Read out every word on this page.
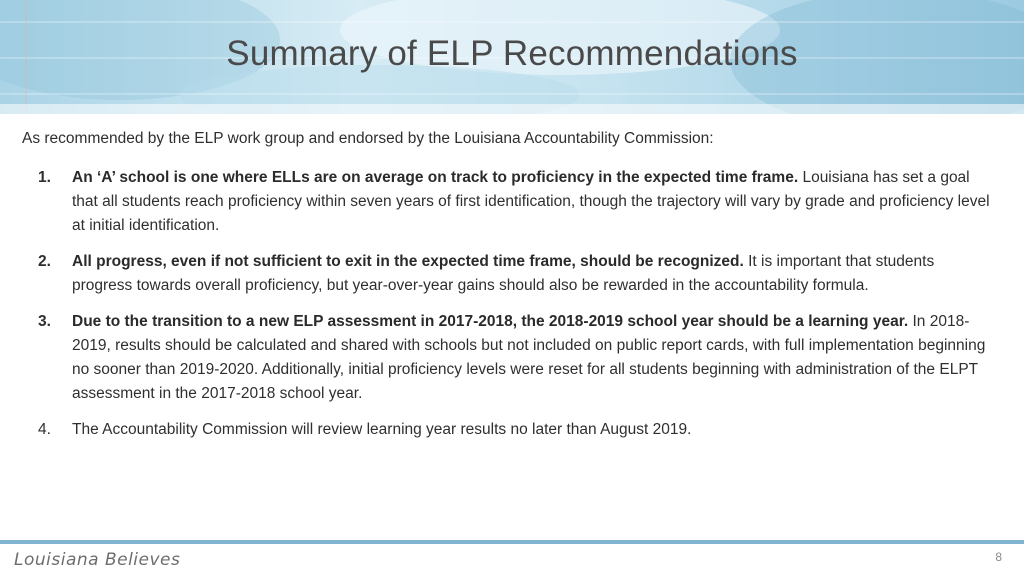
Summary of ELP Recommendations
As recommended by the ELP work group and endorsed by the Louisiana Accountability Commission:
1. An ‘A’ school is one where ELLs are on average on track to proficiency in the expected time frame. Louisiana has set a goal that all students reach proficiency within seven years of first identification, though the trajectory will vary by grade and proficiency level at initial identification.
2. All progress, even if not sufficient to exit in the expected time frame, should be recognized. It is important that students progress towards overall proficiency, but year-over-year gains should also be rewarded in the accountability formula.
3. Due to the transition to a new ELP assessment in 2017-2018, the 2018-2019 school year should be a learning year. In 2018-2019, results should be calculated and shared with schools but not included on public report cards, with full implementation beginning no sooner than 2019-2020. Additionally, initial proficiency levels were reset for all students beginning with administration of the ELPT assessment in the 2017-2018 school year.
4. The Accountability Commission will review learning year results no later than August 2019.
Louisiana Believes	8
